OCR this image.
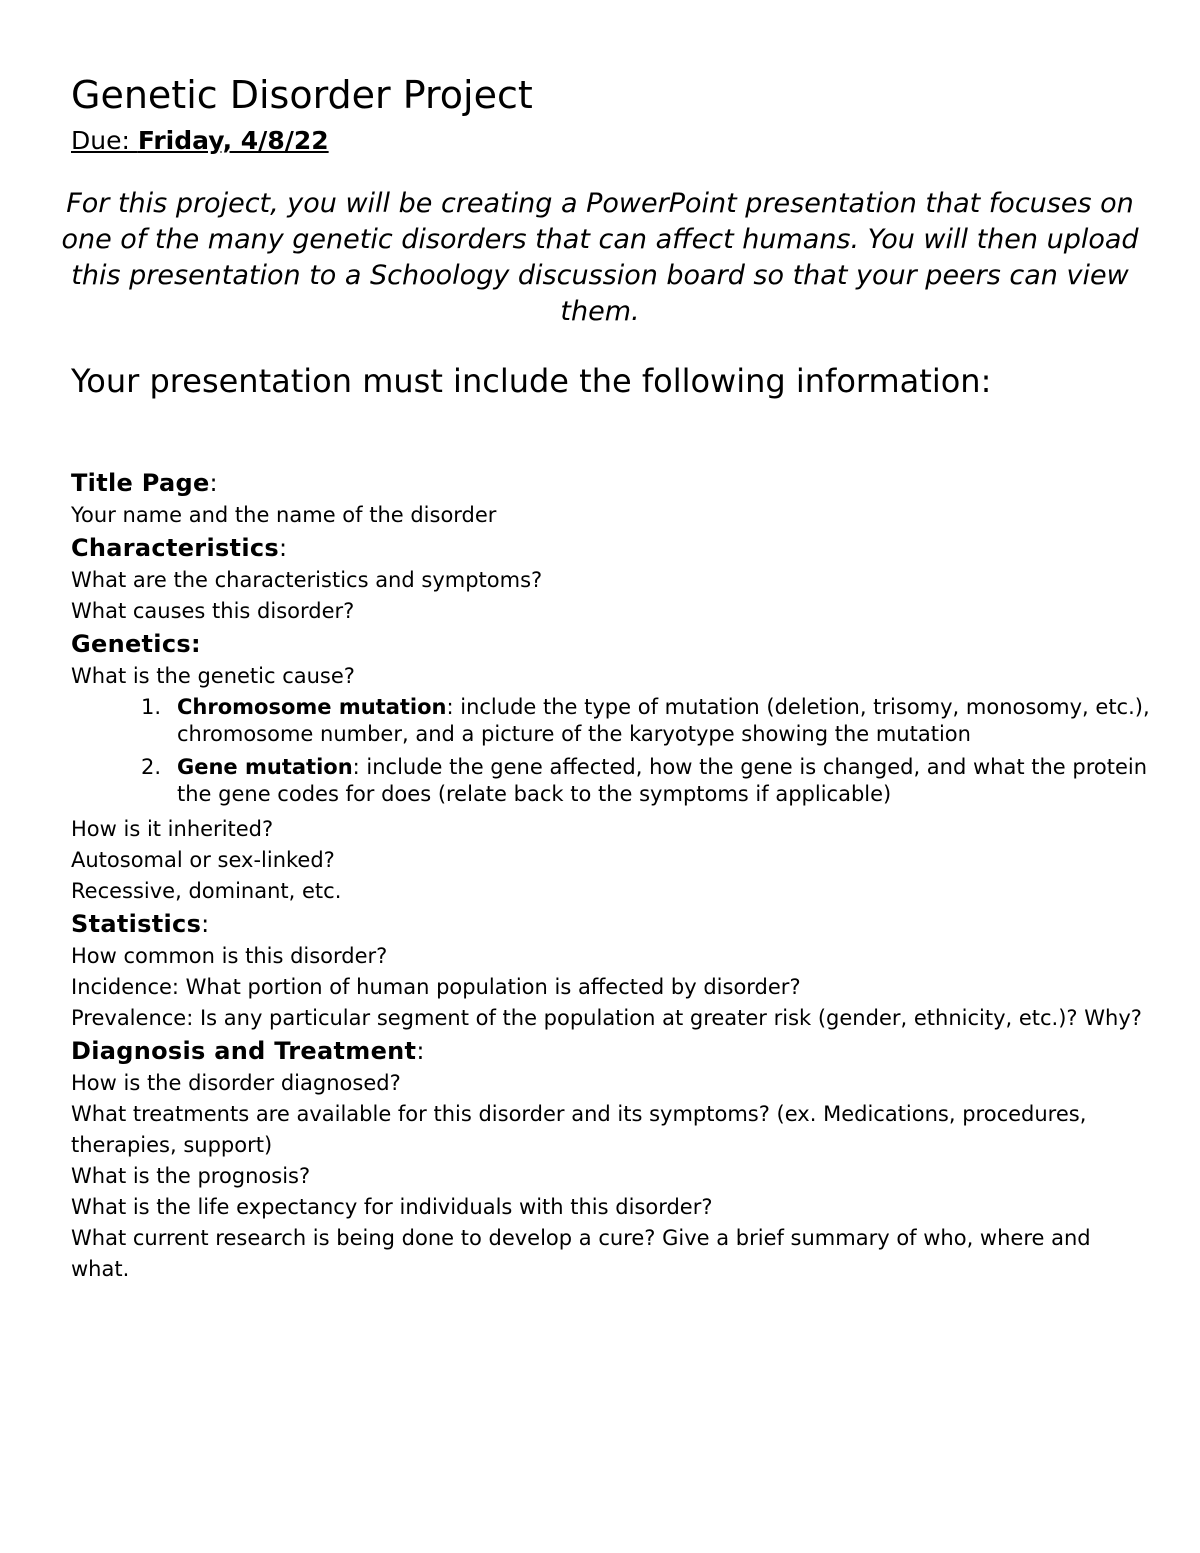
Genetic Disorder Project
Due: Friday, 4/8/22
For this project, you will be creating a PowerPoint presentation that focuses on one of the many genetic disorders that can affect humans. You will then upload this presentation to a Schoology discussion board so that your peers can view them.
Your presentation must include the following information:
Title Page:
Your name and the name of the disorder
Characteristics:
What are the characteristics and symptoms?
What causes this disorder?
Genetics:
What is the genetic cause?
1. Chromosome mutation: include the type of mutation (deletion, trisomy, monosomy, etc.), chromosome number, and a picture of the karyotype showing the mutation
2. Gene mutation: include the gene affected, how the gene is changed, and what the protein the gene codes for does (relate back to the symptoms if applicable)
How is it inherited?
Autosomal or sex-linked?
Recessive, dominant, etc.
Statistics:
How common is this disorder?
Incidence: What portion of human population is affected by disorder?
Prevalence: Is any particular segment of the population at greater risk (gender, ethnicity, etc.)? Why?
Diagnosis and Treatment:
How is the disorder diagnosed?
What treatments are available for this disorder and its symptoms? (ex. Medications, procedures, therapies, support)
What is the prognosis?
What is the life expectancy for individuals with this disorder?
What current research is being done to develop a cure? Give a brief summary of who, where and what.
